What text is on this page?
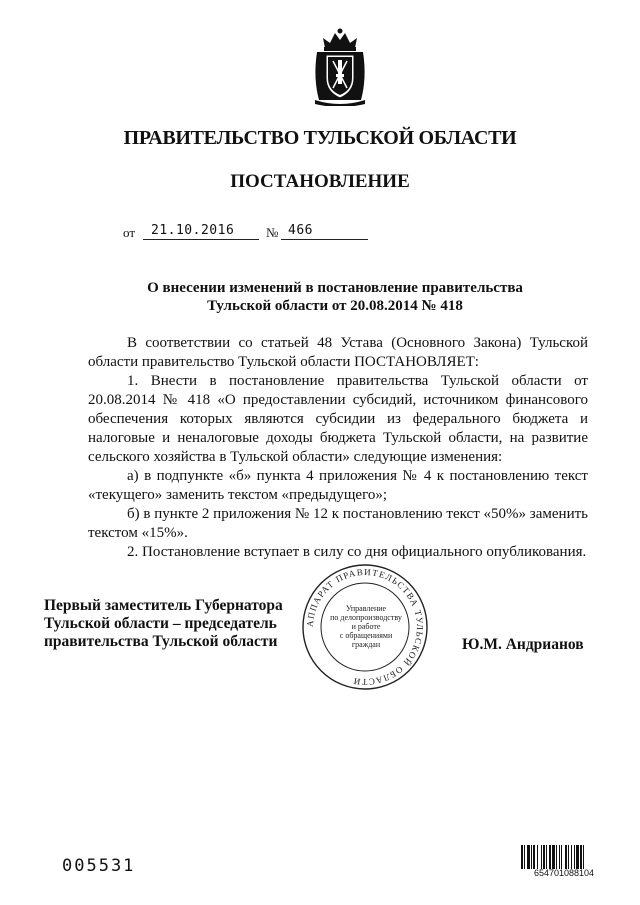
ПРАВИТЕЛЬСТВО ТУЛЬСКОЙ ОБЛАСТИ
ПОСТАНОВЛЕНИЕ
от 21.10.2016 № 466
О внесении изменений в постановление правительства
Тульской области от 20.08.2014 № 418

В соответствии со статьей 48 Устава (Основного Закона) Тульской области правительство Тульской области ПОСТАНОВЛЯЕТ:

1. Внести в постановление правительства Тульской области от 20.08.2014 № 418 «О предоставлении субсидий, источником финансового обеспечения которых являются субсидии из федерального бюджета и налоговые и неналоговые доходы бюджета Тульской области, на развитие сельского хозяйства в Тульской области» следующие изменения:

а) в подпункте «б» пункта 4 приложения № 4 к постановлению текст «текущего» заменить текстом «предыдущего»;

б) в пункте 2 приложения № 12 к постановлению текст «50%» заменить текстом «15%».

2. Постановление вступает в силу со дня официального опубликования.

Первый заместитель Губернатора
Тульской области – председатель
правительства Тульской области	Ю.М. Андрианов
АППАРАТ ПРАВИТЕЛЬСТВА ТУЛЬСКОЙ ОБЛАСТИ
Управление
по делопроизводству
и работе
с обращениями
граждан
005531	654701088104
